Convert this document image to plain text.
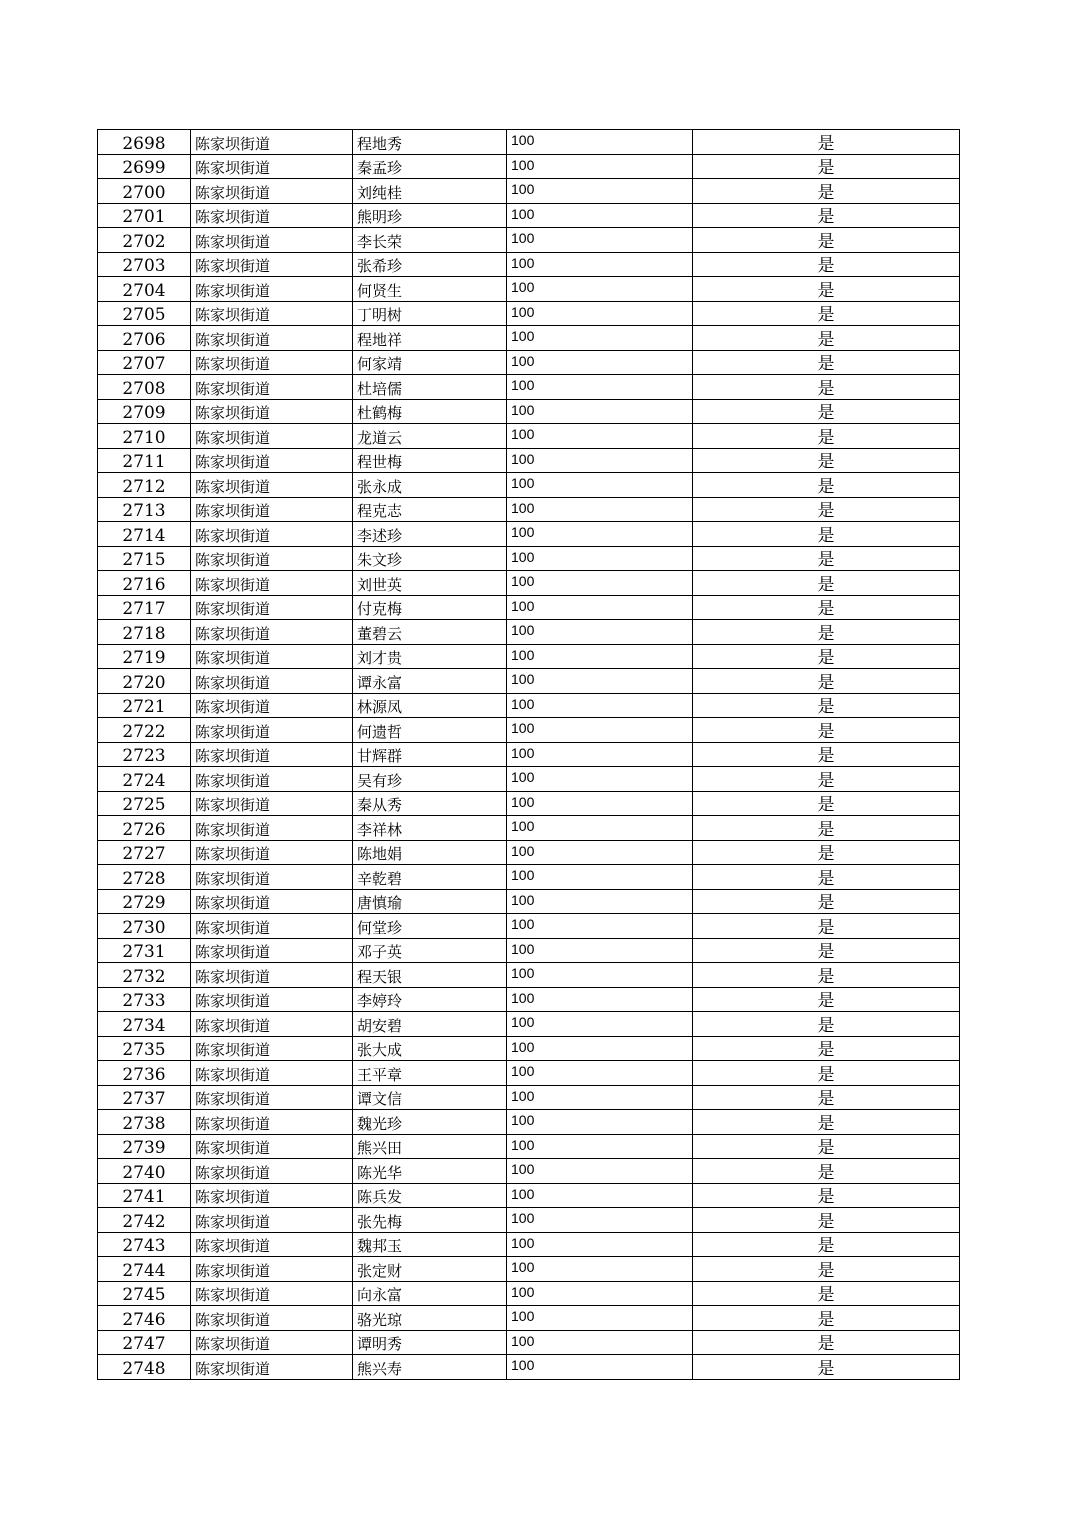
2698	陈家坝街道	程地秀	100	是
2699	陈家坝街道	秦孟珍	100	是
2700	陈家坝街道	刘纯桂	100	是
2701	陈家坝街道	熊明珍	100	是
2702	陈家坝街道	李长荣	100	是
2703	陈家坝街道	张希珍	100	是
2704	陈家坝街道	何贤生	100	是
2705	陈家坝街道	丁明树	100	是
2706	陈家坝街道	程地祥	100	是
2707	陈家坝街道	何家靖	100	是
2708	陈家坝街道	杜培儒	100	是
2709	陈家坝街道	杜鹤梅	100	是
2710	陈家坝街道	龙道云	100	是
2711	陈家坝街道	程世梅	100	是
2712	陈家坝街道	张永成	100	是
2713	陈家坝街道	程克志	100	是
2714	陈家坝街道	李述珍	100	是
2715	陈家坝街道	朱文珍	100	是
2716	陈家坝街道	刘世英	100	是
2717	陈家坝街道	付克梅	100	是
2718	陈家坝街道	董碧云	100	是
2719	陈家坝街道	刘才贵	100	是
2720	陈家坝街道	谭永富	100	是
2721	陈家坝街道	林源凤	100	是
2722	陈家坝街道	何遗哲	100	是
2723	陈家坝街道	甘辉群	100	是
2724	陈家坝街道	吴有珍	100	是
2725	陈家坝街道	秦从秀	100	是
2726	陈家坝街道	李祥林	100	是
2727	陈家坝街道	陈地娟	100	是
2728	陈家坝街道	辛乾碧	100	是
2729	陈家坝街道	唐慎瑜	100	是
2730	陈家坝街道	何堂珍	100	是
2731	陈家坝街道	邓子英	100	是
2732	陈家坝街道	程天银	100	是
2733	陈家坝街道	李婷玲	100	是
2734	陈家坝街道	胡安碧	100	是
2735	陈家坝街道	张大成	100	是
2736	陈家坝街道	王平章	100	是
2737	陈家坝街道	谭文信	100	是
2738	陈家坝街道	魏光珍	100	是
2739	陈家坝街道	熊兴田	100	是
2740	陈家坝街道	陈光华	100	是
2741	陈家坝街道	陈兵发	100	是
2742	陈家坝街道	张先梅	100	是
2743	陈家坝街道	魏邦玉	100	是
2744	陈家坝街道	张定财	100	是
2745	陈家坝街道	向永富	100	是
2746	陈家坝街道	骆光琼	100	是
2747	陈家坝街道	谭明秀	100	是
2748	陈家坝街道	熊兴寿	100	是
